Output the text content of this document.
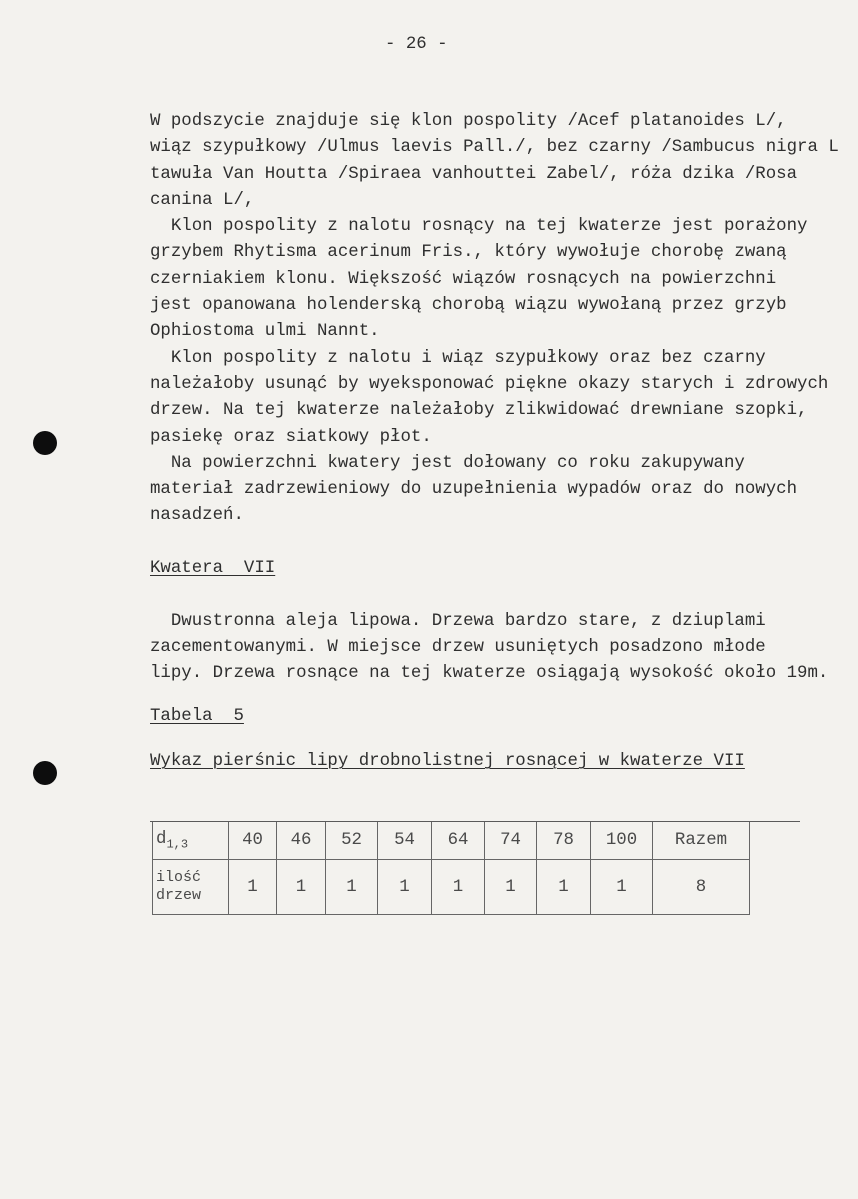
- 26 -
W podszycie znajduje się klon pospolity /Acef platanoides L/,
wiąz szypułkowy /Ulmus laevis Pall./, bez czarny /Sambucus nigra L
tawuła Van Houtta /Spiraea vanhouttei Zabel/, róża dzika /Rosa
canina L/,
Klon pospolity z nalotu rosnący na tej kwaterze jest porażony
grzybem Rhytisma acerinum Fris., który wywołuje chorobę zwaną
czerniakiem klonu. Większość wiązów rosnących na powierzchni
jest opanowana holenderską chorobą wiązu wywołaną przez grzyb
Ophiostoma ulmi Nannt.
Klon pospolity z nalotu i wiąz szypułkowy oraz bez czarny
należałoby usunąć by wyeksponować piękne okazy starych i zdrowych
drzew. Na tej kwaterze należałoby zlikwidować drewniane szopki,
pasiekę oraz siatkowy płot.
Na powierzchni kwatery jest dołowany co roku zakupywany
materiał zadrzewieniowy do uzupełnienia wypadów oraz do nowych
nasadzeń.
Kwatera  VII
Dwustronna aleja lipowa. Drzewa bardzo stare, z dziuplami
zacementowanymi. W miejsce drzew usuniętych posadzono młode
lipy. Drzewa rosnące na tej kwaterze osiągają wysokość około 19m.
Tabela  5
Wykaz pierśnic lipy drobnolistnej rosnącej w kwaterze VII
$d_{1,3}$	40	46	52	54	64	74	78	100	Razem

ilość
drzew	1	1	1	1	1	1	1	1	8
